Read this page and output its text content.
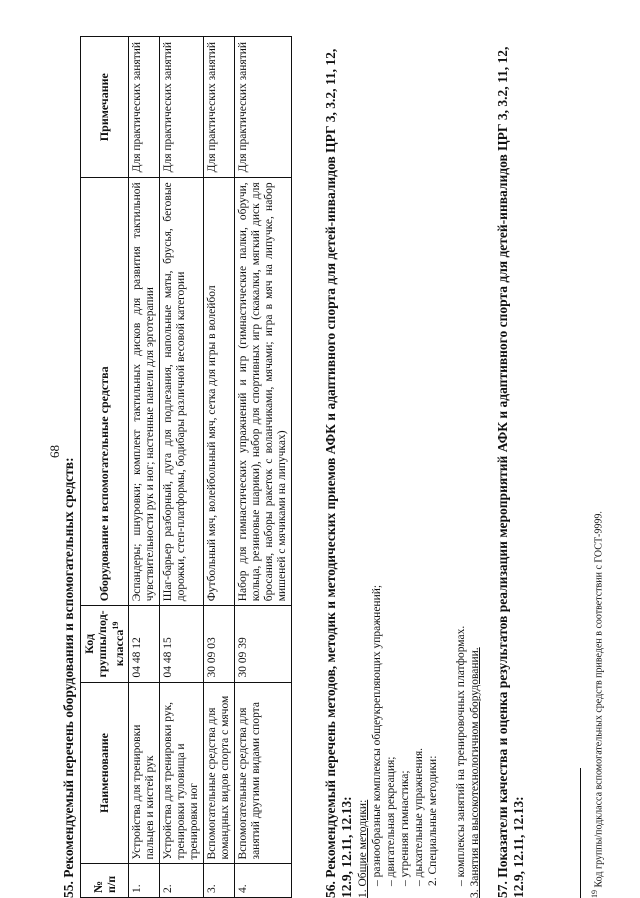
68
55. Рекомендуемый перечень оборудования и вспомогательных средств: № п/п	Наименование	Код группы/под-класса$^{19}$	Оборудование и вспомогательные средства	Примечание
1.	Устройства для тренировки пальцев и кистей рук	04 48 12	Эспандеры; шнуровки; комплект тактильных дисков для развития тактильной чувствительности рук и ног; настенные панели для эрготерапии	Для практических занятий
2.	Устройства для тренировки рук, тренировки туловища и тренировки ног	04 48 15	Шаг-барьер разборный, дуга для подлезания, напольные маты, брусья, беговые дорожки, степ-платформы, бодибары различной весовой категории	Для практических занятий
3.	Вспомогательные средства для командных видов спорта с мячом	30 09 03	Футбольный мяч, волейбольный мяч, сетка для игры в волейбол	Для практических занятий
4.	Вспомогательные средства для занятий другими видами спорта	30 09 39	Набор для гимнастических упражнений и игр (гимнастические палки, обручи, кольца, резиновые шарики), набор для спортивных игр (скакалки, мягкий диск для бросания, наборы ракеток с воланчиками, мячами; игра в мяч на липучке, набор мишеней с мячиками на липучках)	Для практических занятий	56. Рекомендуемый перечень методов, методик и методических приемов АФК и адаптивного спорта для детей-инвалидов ЦРГ 3, 3.2, 11, 12, 12.9, 12.11, 12.13: 1. Общие методики: – разнообразные комплексы общеукрепляющих упражнений; – двигательная рекреация; – утренняя гимнастика; – дыхательные упражнения. 2. Специальные методики: – комплексы занятий на тренировочных платформах. 3. Занятия на высокотехнологичном оборудовании. 57. Показатели качества и оценка результатов реализации мероприятий АФК и адаптивного спорта для детей-инвалидов ЦРГ 3, 3.2, 11, 12, 12.9, 12.11, 12.13:	$^{19}$ Код группы/подкласса вспомогательных средств приведен в соответствии с ГОСТ-9999.
